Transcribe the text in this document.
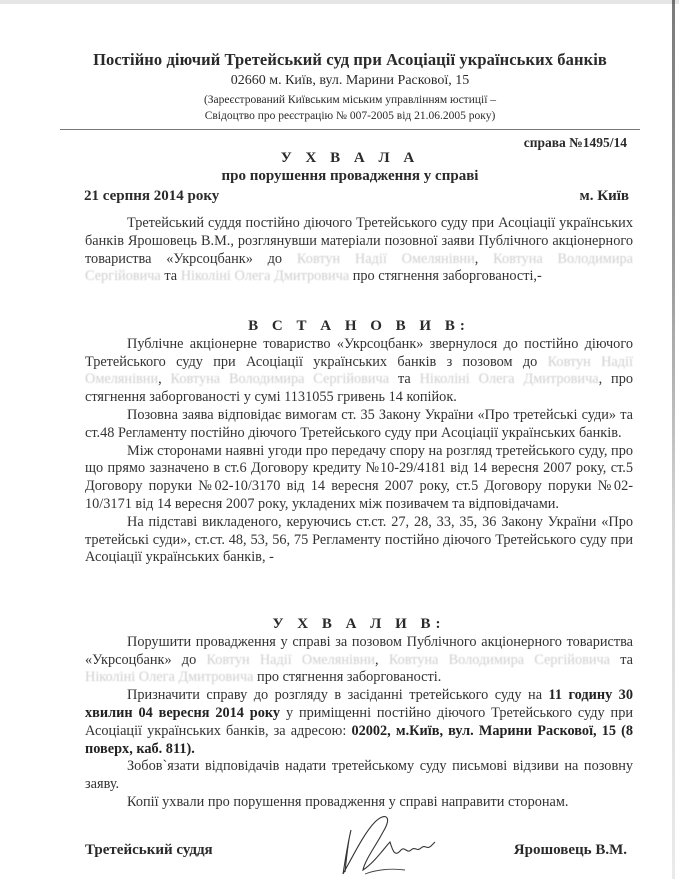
Постійно діючий Третейський суд при Асоціації українських банків
02660 м. Київ, вул. Марини Раскової, 15
(Зареєстрований Київським міським управлінням юстиції –
Свідоцтво про реєстрацію № 007-2005 від 21.06.2005 року)
справа №1495/14
У Х В А Л А
про порушення провадження у справі
21 серпня 2014 року	м. Київ

Третейський суддя постійно діючого Третейського суду при Асоціації українських банків Ярошовець В.М., розглянувши матеріали позовної заяви Публічного акціонерного товариства «Укрсоцбанк» до Ковтун Надії Омелянівни, Ковтуна Володимира Сергійовича та Ніколіні Олега Дмитровича про стягнення заборгованості,-

В С Т А Н О В И В:

Публічне акціонерне товариство «Укрсоцбанк» звернулося до постійно діючого Третейського суду при Асоціації українських банків з позовом до Ковтун Надії Омелянівни, Ковтуна Володимира Сергійовича та Ніколіні Олега Дмитровича, про стягнення заборгованості у сумі 1131055 гривень 14 копійок.

Позовна заява відповідає вимогам ст. 35 Закону України «Про третейські суди» та ст.48 Регламенту постійно діючого Третейського суду при Асоціації українських банків.

Між сторонами наявні угоди про передачу спору на розгляд третейського суду, про що прямо зазначено в ст.6 Договору кредиту №10-29/4181 від 14 вересня 2007 року, ст.5 Договору поруки №02-10/3170 від 14 вересня 2007 року, ст.5 Договору поруки №02-10/3171 від 14 вересня 2007 року, укладених між позивачем та відповідачами.

На підставі викладеного, керуючись ст.ст. 27, 28, 33, 35, 36 Закону України «Про третейські суди», ст.ст. 48, 53, 56, 75 Регламенту постійно діючого Третейського суду при Асоціації українських банків, -

У Х В А Л И В:

Порушити провадження у справі за позовом Публічного акціонерного товариства «Укрсоцбанк» до Ковтун Надії Омелянівни, Ковтуна Володимира Сергійовича та Ніколіні Олега Дмитровича про стягнення заборгованості.

Призначити справу до розгляду в засіданні третейського суду на 11 годину 30 хвилин 04 вересня 2014 року у приміщенні постійно діючого Третейського суду при Асоціації українських банків, за адресою: 02002, м.Київ, вул. Марини Раскової, 15 (8 поверх, каб. 811).

Зобов`язати відповідачів надати третейському суду письмові відзиви на позовну заяву.

Копії ухвали про порушення провадження у справі направити сторонам.

Третейський суддя	Ярошовець В.М.
